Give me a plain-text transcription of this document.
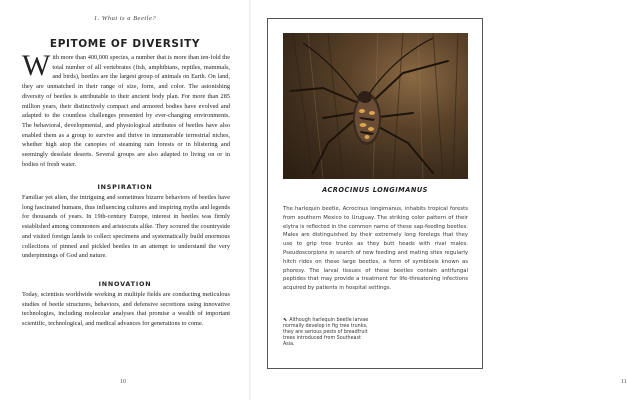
1. What is a Beetle?
EPITOME OF DIVERSITY

With more than 400,000 species, a number that is more than ten-fold the total number of all vertebrates (fish, amphibians, reptiles, mammals, and birds), beetles are the largest group of animals on Earth. On land, they are unmatched in their range of size, form, and color. The astonishing diversity of beetles is attributable to their ancient body plan. For more than 285 million years, their distinctively compact and armored bodies have evolved and adapted to the countless challenges presented by ever-changing environments. The behavioral, developmental, and physiological attributes of beetles have also enabled them as a group to survive and thrive in innumerable terrestrial niches, whether high atop the canopies of steaming rain forests or in blistering and seemingly desolate deserts. Several groups are also adapted to living on or in bodies of fresh water.

INSPIRATION

Familiar yet alien, the intriguing and sometimes bizarre behaviors of beetles have long fascinated humans, thus influencing cultures and inspiring myths and legends for thousands of years. In 19th-century Europe, interest in beetles was firmly established among commoners and aristocrats alike. They scoured the countryside and visited foreign lands to collect specimens and systematically build enormous collections of pinned and pickled beetles in an attempt to understand the very underpinnings of God and nature.

INNOVATION

Today, scientists worldwide working in multiple fields are conducting meticulous studies of beetle structures, behaviors, and defensive secretions using innovative technologies, including molecular analyses that promise a wealth of important scientific, technological, and medical advances for generations to come.

10
ACROCINUS LONGIMANUS

The harlequin beetle, Acrocinus longimanus, inhabits tropical forests from southern Mexico to Uruguay. The striking color pattern of their elytra is reflected in the common name of these sap-feeding beetles. Males are distinguished by their extremely long forelegs that they use to grip tree trunks as they butt heads with rival males. Pseudoscorpions in search of new feeding and mating sites regularly hitch rides on these large beetles, a form of symbiosis known as phoresy. The larval tissues of these beetles contain antifungal peptides that may provide a treatment for life-threatening infections acquired by patients in hospital settings.

⬉ Although harlequin beetle larvae normally develop in fig tree trunks, they are serious pests of breadfruit trees introduced from Southeast Asia.
11
